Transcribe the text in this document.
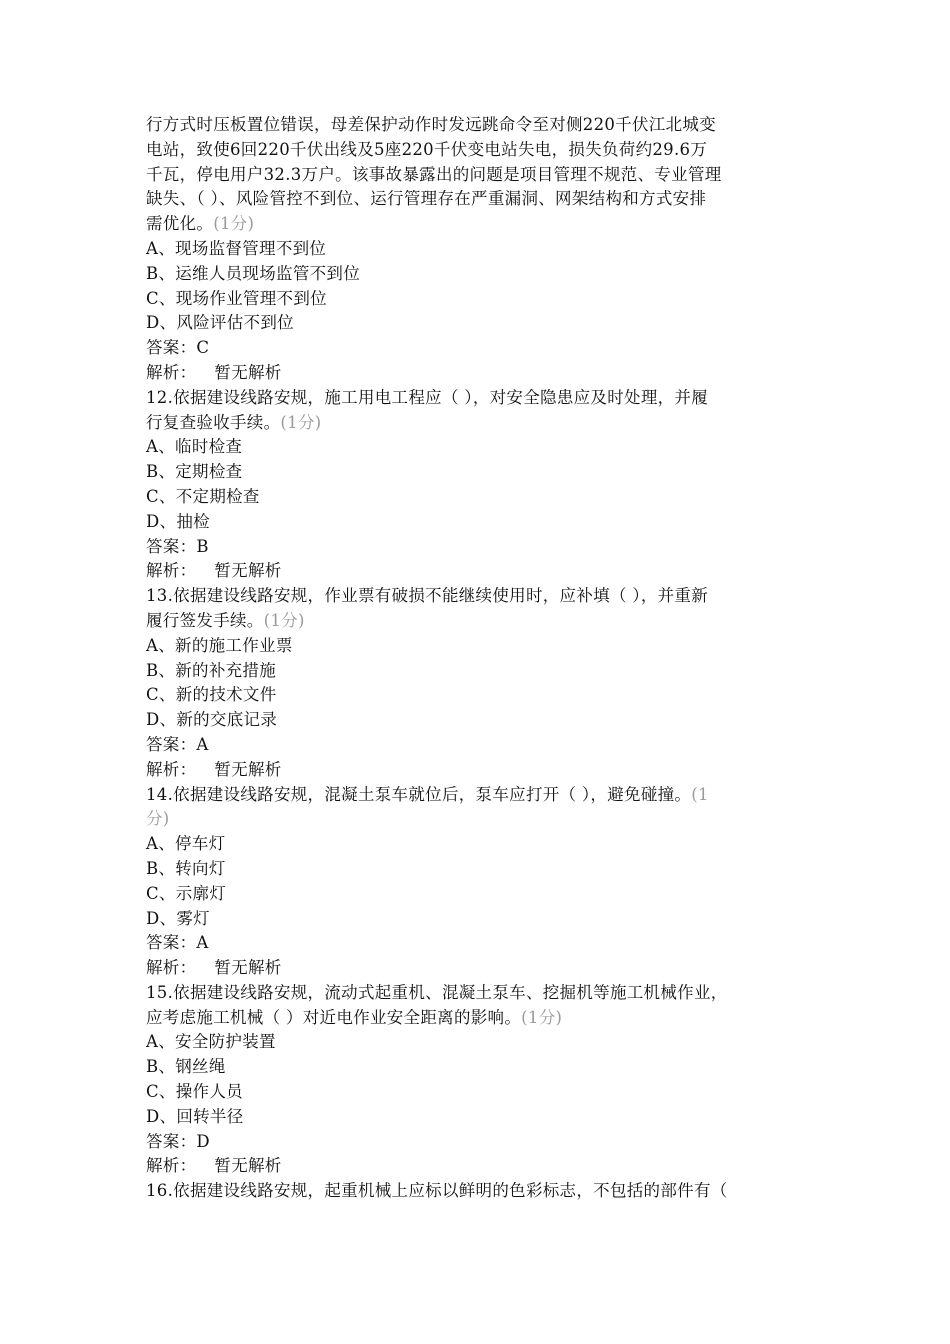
行方式时压板置位错误，母差保护动作时发远跳命令至对侧220千伏江北城变
电站，致使6回220千伏出线及5座220千伏变电站失电，损失负荷约29.6万
千瓦，停电用户32.3万户。该事故暴露出的问题是项目管理不规范、专业管理
缺失、（ ）、风险管控不到位、运行管理存在严重漏洞、网架结构和方式安排
需优化。(1分)
A、现场监督管理不到位
B、运维人员现场监管不到位
C、现场作业管理不到位
D、风险评估不到位
答案：C
解析： 暂无解析
12.依据建设线路安规，施工用电工程应（ ），对安全隐患应及时处理，并履
行复查验收手续。(1分)
A、临时检查
B、定期检查
C、不定期检查
D、抽检
答案：B
解析： 暂无解析
13.依据建设线路安规，作业票有破损不能继续使用时，应补填（ ），并重新
履行签发手续。(1分)
A、新的施工作业票
B、新的补充措施
C、新的技术文件
D、新的交底记录
答案：A
解析： 暂无解析
14.依据建设线路安规，混凝土泵车就位后，泵车应打开（ ），避免碰撞。(1
分)
A、停车灯
B、转向灯
C、示廓灯
D、雾灯
答案：A
解析： 暂无解析
15.依据建设线路安规，流动式起重机、混凝土泵车、挖掘机等施工机械作业，
应考虑施工机械（ ）对近电作业安全距离的影响。(1分)
A、安全防护装置
B、钢丝绳
C、操作人员
D、回转半径
答案：D
解析： 暂无解析
16.依据建设线路安规，起重机械上应标以鲜明的色彩标志，不包括的部件有（
